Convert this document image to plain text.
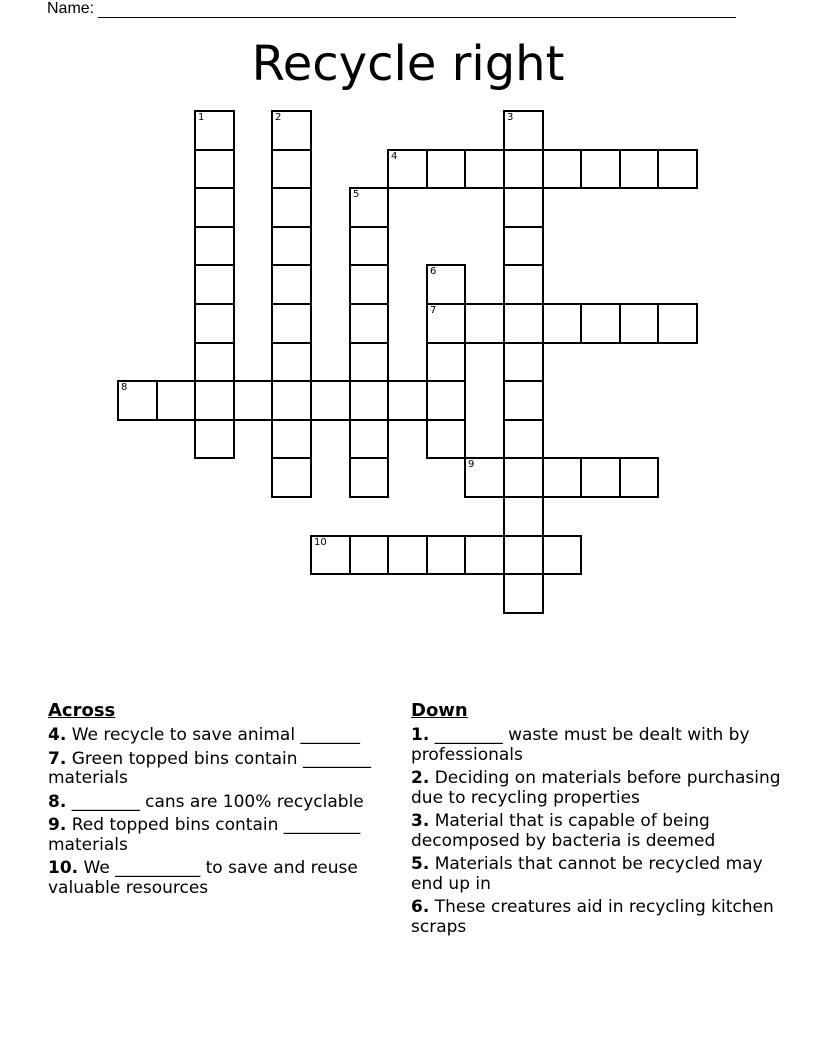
Name:
Recycle right
1	2	3
4
5
6
7
8
9
10
Across
4. We recycle to save animal _______
7. Green topped bins contain ________ materials
8. ________ cans are 100% recyclable
9. Red topped bins contain _________ materials
10. We __________ to save and reuse valuable resources
Down
1. ________ waste must be dealt with by professionals
2. Deciding on materials before purchasing due to recycling properties
3. Material that is capable of being decomposed by bacteria is deemed
5. Materials that cannot be recycled may end up in
6. These creatures aid in recycling kitchen scraps
